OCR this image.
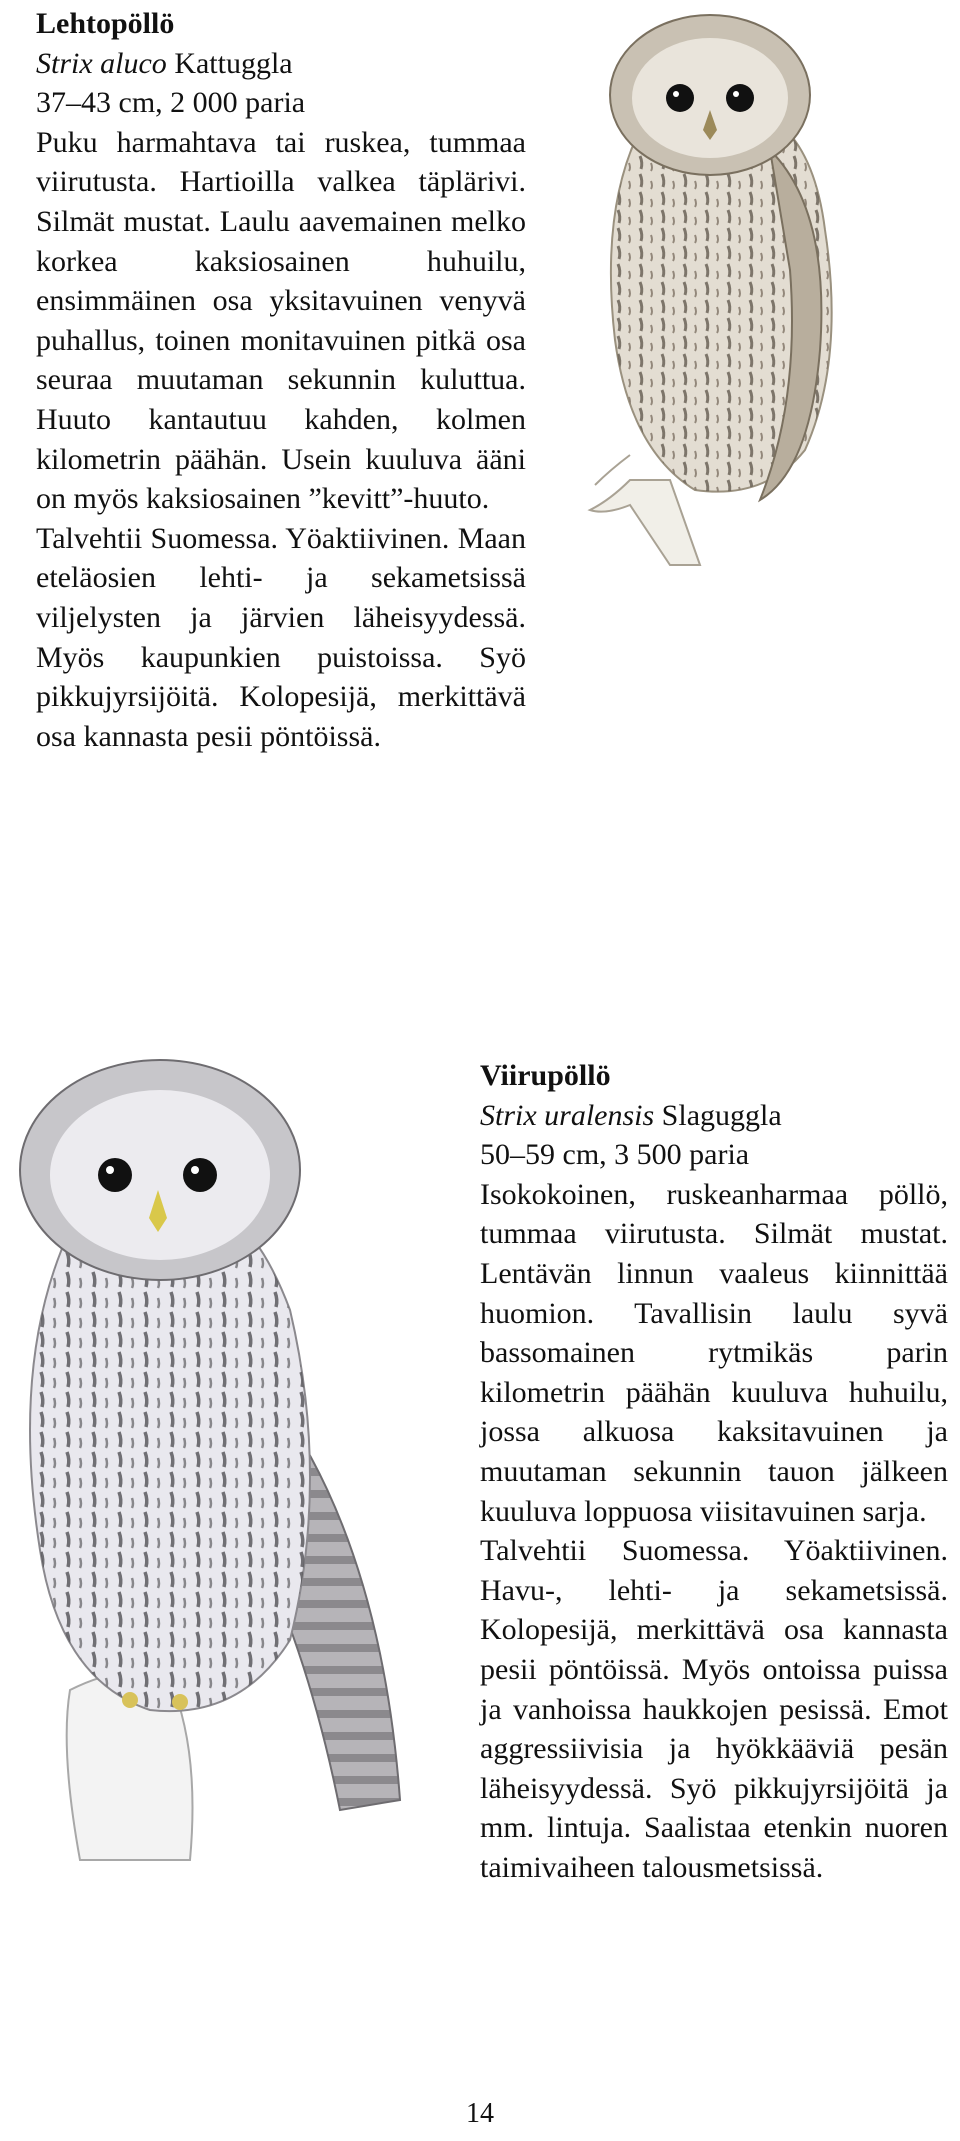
Lehtopöllö
Strix aluco Kattuggla
37–43 cm, 2 000 paria

Puku harmahtava tai ruskea, tummaa viirutusta. Hartioilla valkea täplärivi. Silmät mustat. Laulu aavemainen melko korkea kaksiosainen huhuilu, ensimmäinen osa yksitavuinen venyvä puhallus, toinen monitavuinen pitkä osa seuraa muutaman sekunnin kuluttua. Huuto kantautuu kahden, kolmen kilometrin päähän. Usein kuuluva ääni on myös kaksiosainen ”kevitt”-huuto.

Talvehtii Suomessa. Yöaktiivinen. Maan eteläosien lehti- ja sekametsissä viljelysten ja järvien läheisyydessä. Myös kaupunkien puistoissa. Syö pikkujyrsijöitä. Kolopesijä, merkittävä osa kannasta pesii pöntöissä.

Viirupöllö
Strix uralensis Slaguggla
50–59 cm, 3 500 paria

Isokokoinen, ruskeanharmaa pöllö, tummaa viirutusta. Silmät mustat. Lentävän linnun vaaleus kiinnittää huomion. Tavallisin laulu syvä bassomainen rytmikäs parin kilometrin päähän kuuluva huhuilu, jossa alkuosa kaksitavuinen ja muutaman sekunnin tauon jälkeen kuuluva loppuosa viisitavuinen sarja.

Talvehtii Suomessa. Yöaktiivinen. Havu-, lehti- ja sekametsissä. Kolopesijä, merkittävä osa kannasta pesii pöntöissä. Myös ontoissa puissa ja vanhoissa haukkojen pesissä. Emot aggressiivisia ja hyökkääviä pesän läheisyydessä. Syö pikkujyrsijöitä ja mm. lintuja. Saalistaa etenkin nuoren taimivaiheen talousmetsissä.

14
